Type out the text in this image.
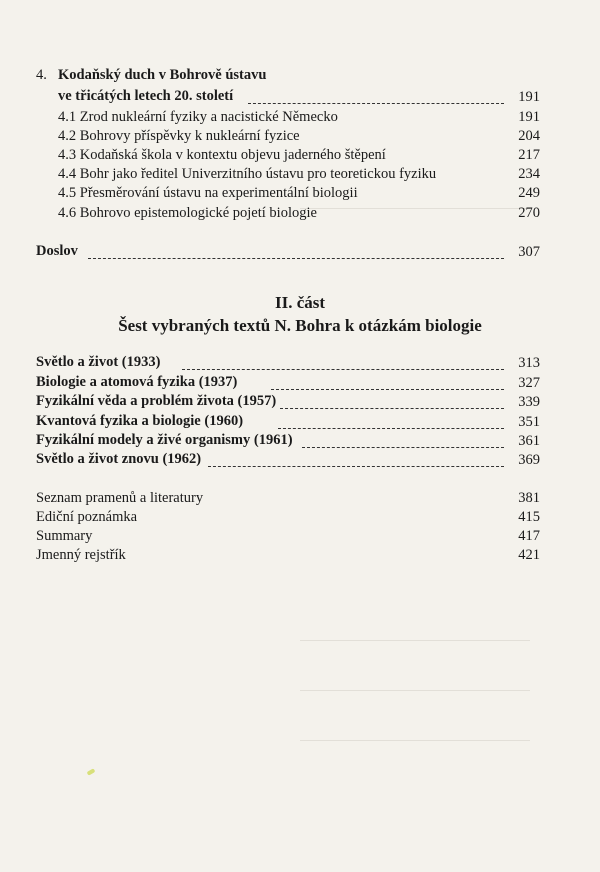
4. Kodaňský duch v Bohrově ústavu
ve třicátých letech 20. století	191
4.1 Zrod nukleární fyziky a nacistické Německo	191
4.2 Bohrovy příspěvky k nukleární fyzice	204
4.3 Kodaňská škola v kontextu objevu jaderného štěpení	217
4.4 Bohr jako ředitel Univerzitního ústavu pro teoretickou fyziku	234
4.5 Přesměrování ústavu na experimentální biologii	249
4.6 Bohrovo epistemologické pojetí biologie	270
Doslov	307
II. část
Šest vybraných textů N. Bohra k otázkám biologie
Světlo a život (1933)	313
Biologie a atomová fyzika (1937)	327
Fyzikální věda a problém života (1957)	339
Kvantová fyzika a biologie (1960)	351
Fyzikální modely a živé organismy (1961)	361
Světlo a život znovu (1962)	369
Seznam pramenů a literatury	381
Ediční poznámka	415
Summary	417
Jmenný rejstřík	421
